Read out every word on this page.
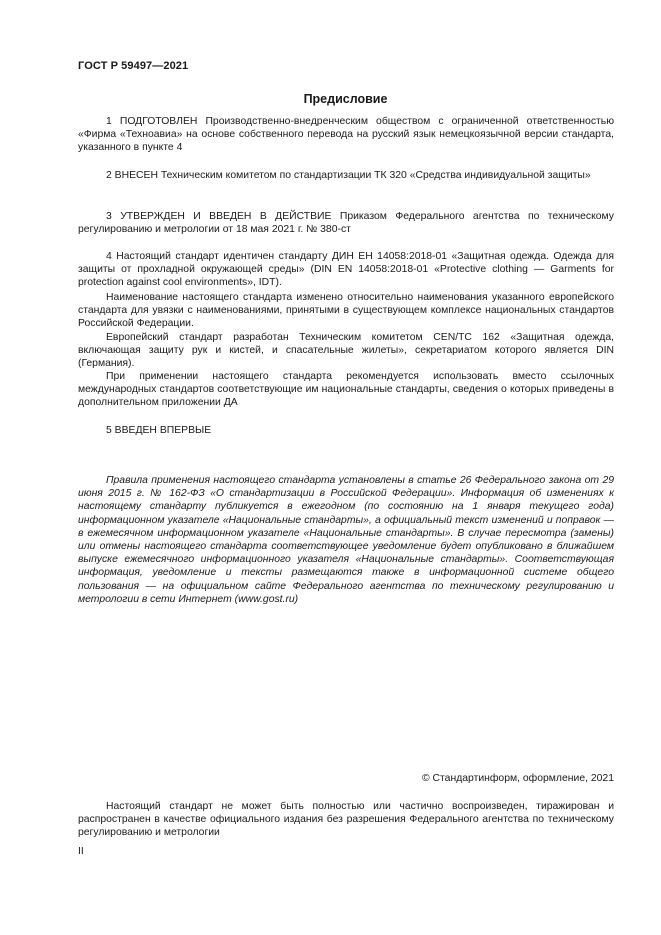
ГОСТ Р 59497—2021
Предисловие

1 ПОДГОТОВЛЕН Производственно-внедренческим обществом с ограниченной ответственностью «Фирма «Техноавиа» на основе собственного перевода на русский язык немецкоязычной версии стандарта, указанного в пункте 4

2 ВНЕСЕН Техническим комитетом по стандартизации ТК 320 «Средства индивидуальной защиты»

3 УТВЕРЖДЕН И ВВЕДЕН В ДЕЙСТВИЕ Приказом Федерального агентства по техническому регулированию и метрологии от 18 мая 2021 г. № 380-ст

4 Настоящий стандарт идентичен стандарту ДИН ЕН 14058:2018-01 «Защитная одежда. Одежда для защиты от прохладной окружающей среды» (DIN EN 14058:2018-01 «Protective clothing — Garments for protection against cool environments», IDT).

Наименование настоящего стандарта изменено относительно наименования указанного европейского стандарта для увязки с наименованиями, принятыми в существующем комплексе национальных стандартов Российской Федерации.

Европейский стандарт разработан Техническим комитетом CEN/TC 162 «Защитная одежда, включающая защиту рук и кистей, и спасательные жилеты», секретариатом которого является DIN (Германия).

При применении настоящего стандарта рекомендуется использовать вместо ссылочных международных стандартов соответствующие им национальные стандарты, сведения о которых приведены в дополнительном приложении ДА

5 ВВЕДЕН ВПЕРВЫЕ

Правила применения настоящего стандарта установлены в статье 26 Федерального закона от 29 июня 2015 г. № 162-ФЗ «О стандартизации в Российской Федерации». Информация об изменениях к настоящему стандарту публикуется в ежегодном (по состоянию на 1 января текущего года) информационном указателе «Национальные стандарты», а официальный текст изменений и поправок — в ежемесячном информационном указателе «Национальные стандарты». В случае пересмотра (замены) или отмены настоящего стандарта соответствующее уведомление будет опубликовано в ближайшем выпуске ежемесячного информационного указателя «Национальные стандарты». Соответствующая информация, уведомление и тексты размещаются также в информационной системе общего пользования — на официальном сайте Федерального агентства по техническому регулированию и метрологии в сети Интернет (www.gost.ru)

© Стандартинформ, оформление, 2021

Настоящий стандарт не может быть полностью или частично воспроизведен, тиражирован и распространен в качестве официального издания без разрешения Федерального агентства по техническому регулированию и метрологии

II
